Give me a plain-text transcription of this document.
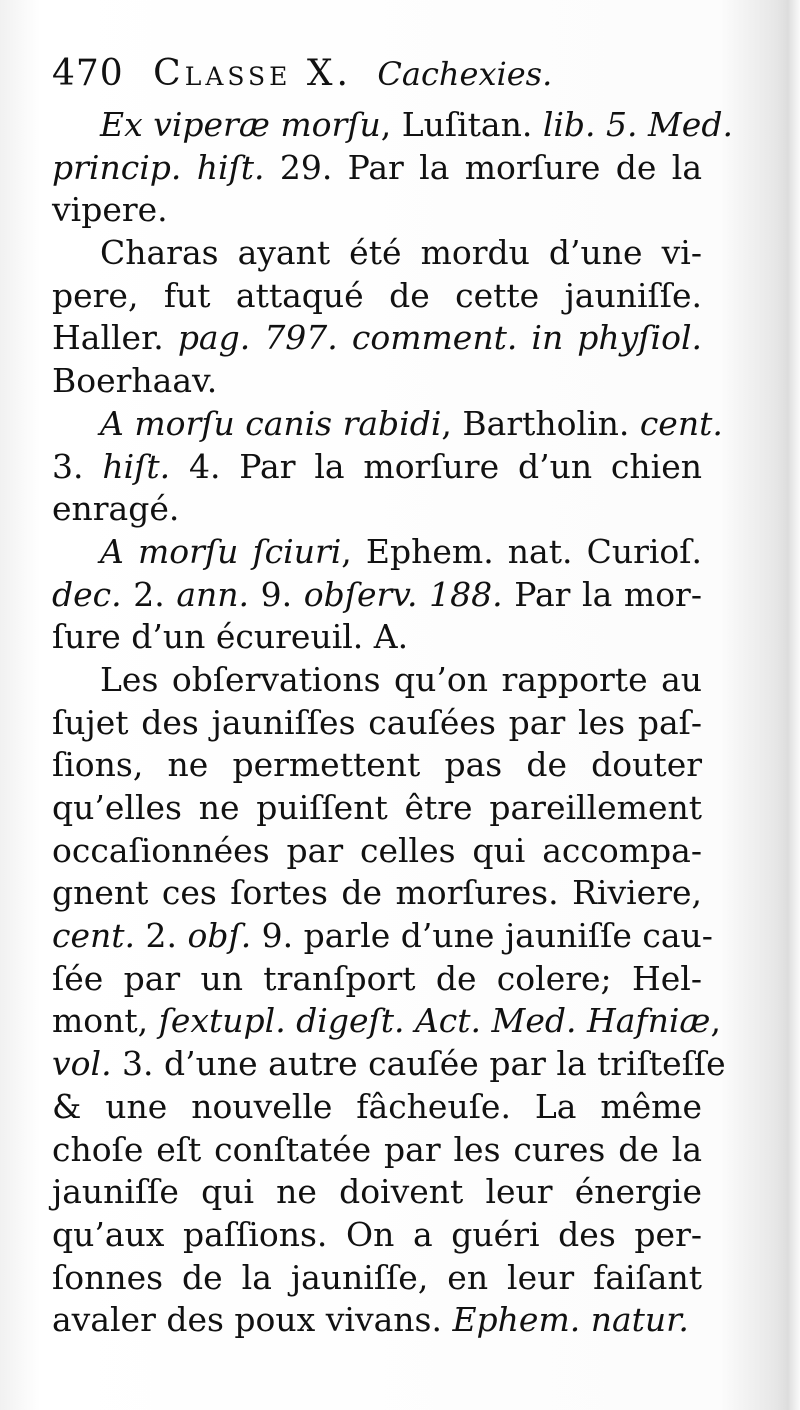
470 Classe X. Cachexies.
Ex viperæ morſu, Luſitan. lib. 5. Med.
princip. hiſt. 29. Par la morſure de la
vipere.
Charas ayant été mordu d’une vi-
pere, fut attaqué de cette jauniſſe.
Haller. pag. 797. comment. in phyſiol.
Boerhaav.
A morſu canis rabidi, Bartholin. cent.
3. hiſt. 4. Par la morſure d’un chien
enragé.
A morſu ſciuri, Ephem. nat. Curioſ.
dec. 2. ann. 9. obſerv. 188. Par la mor-
ſure d’un écureuil. A.
Les obſervations qu’on rapporte au
ſujet des jauniſſes cauſées par les paſ-
ſions, ne permettent pas de douter
qu’elles ne puiſſent être pareillement
occaſionnées par celles qui accompa-
gnent ces ſortes de morſures. Riviere,
cent. 2. obſ. 9. parle d’une jauniſſe cau-
ſée par un tranſport de colere; Hel-
mont, ſextupl. digeſt. Act. Med. Hafniæ,
vol. 3. d’une autre cauſée par la triſteſſe
& une nouvelle fâcheuſe. La même
choſe eſt conſtatée par les cures de la
jauniſſe qui ne doivent leur énergie
qu’aux paſſions. On a guéri des per-
ſonnes de la jauniſſe, en leur faiſant
avaler des poux vivans. Ephem. natur.
